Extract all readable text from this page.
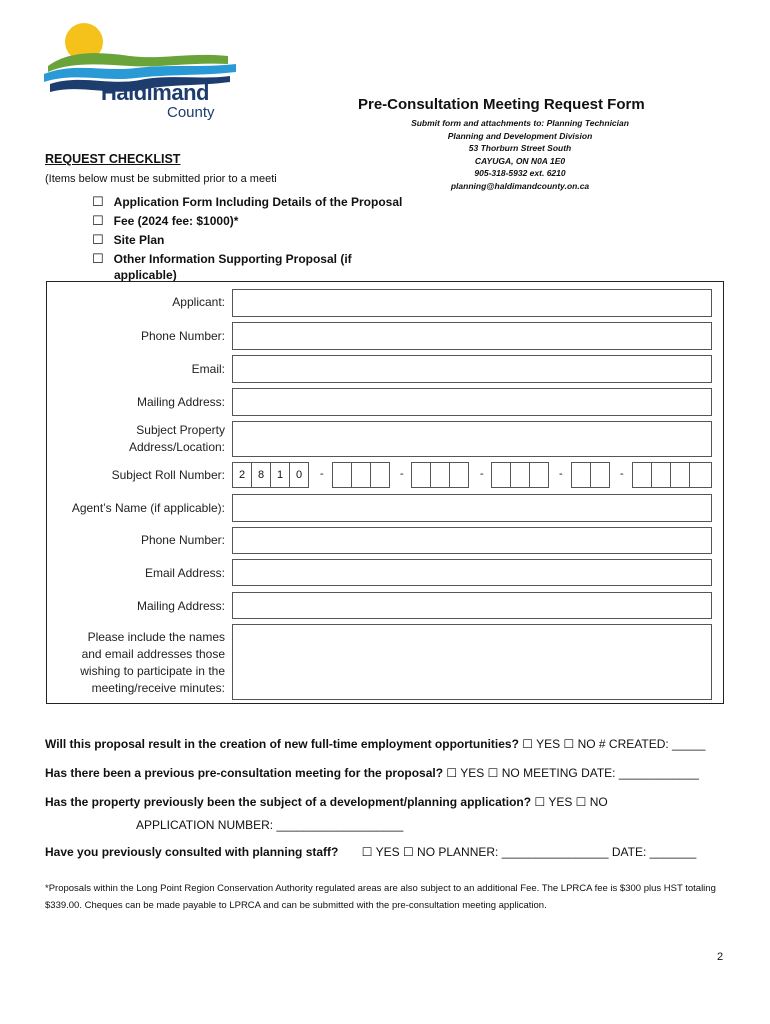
Haldimand
County	Pre-Consultation Meeting Request Form
Submit form and attachments to: Planning Technician
Planning and Development Division
53 Thorburn Street South
CAYUGA, ON N0A 1E0
905-318-5932 ext. 6210
planning@haldimandcounty.on.ca
REQUEST CHECKLIST
(Items below must be submitted prior to a meeti
☐ Application Form Including Details of the Proposal
☐ Fee (2024 fee: $1000)*
☐ Site Plan
☐ Other Information Supporting Proposal (if
applicable)
Applicant:
Phone Number:
Email:
Mailing Address:
Subject Property
Address/Location:
Subject Roll Number:	2	8	1	0	-	-	-	-	-
Agent’s Name (if applicable):
Phone Number:
Email Address:
Mailing Address:
Please include the names
and email addresses those
wishing to participate in the
meeting/receive minutes:
Will this proposal result in the creation of new full-time employment opportunities? ☐ YES ☐ NO # CREATED: _____
Has there been a previous pre-consultation meeting for the proposal? ☐ YES ☐ NO MEETING DATE: ____________
Has the property previously been the subject of a development/planning application? ☐ YES ☐ NO
APPLICATION NUMBER: ___________________
Have you previously consulted with planning staff? ☐ YES ☐ NO PLANNER: ________________ DATE: _______
*Proposals within the Long Point Region Conservation Authority regulated areas are also subject to an additional Fee. The LPRCA fee is $300 plus HST totaling $339.00. Cheques can be made payable to LPRCA and can be submitted with the pre-consultation meeting application.
2
